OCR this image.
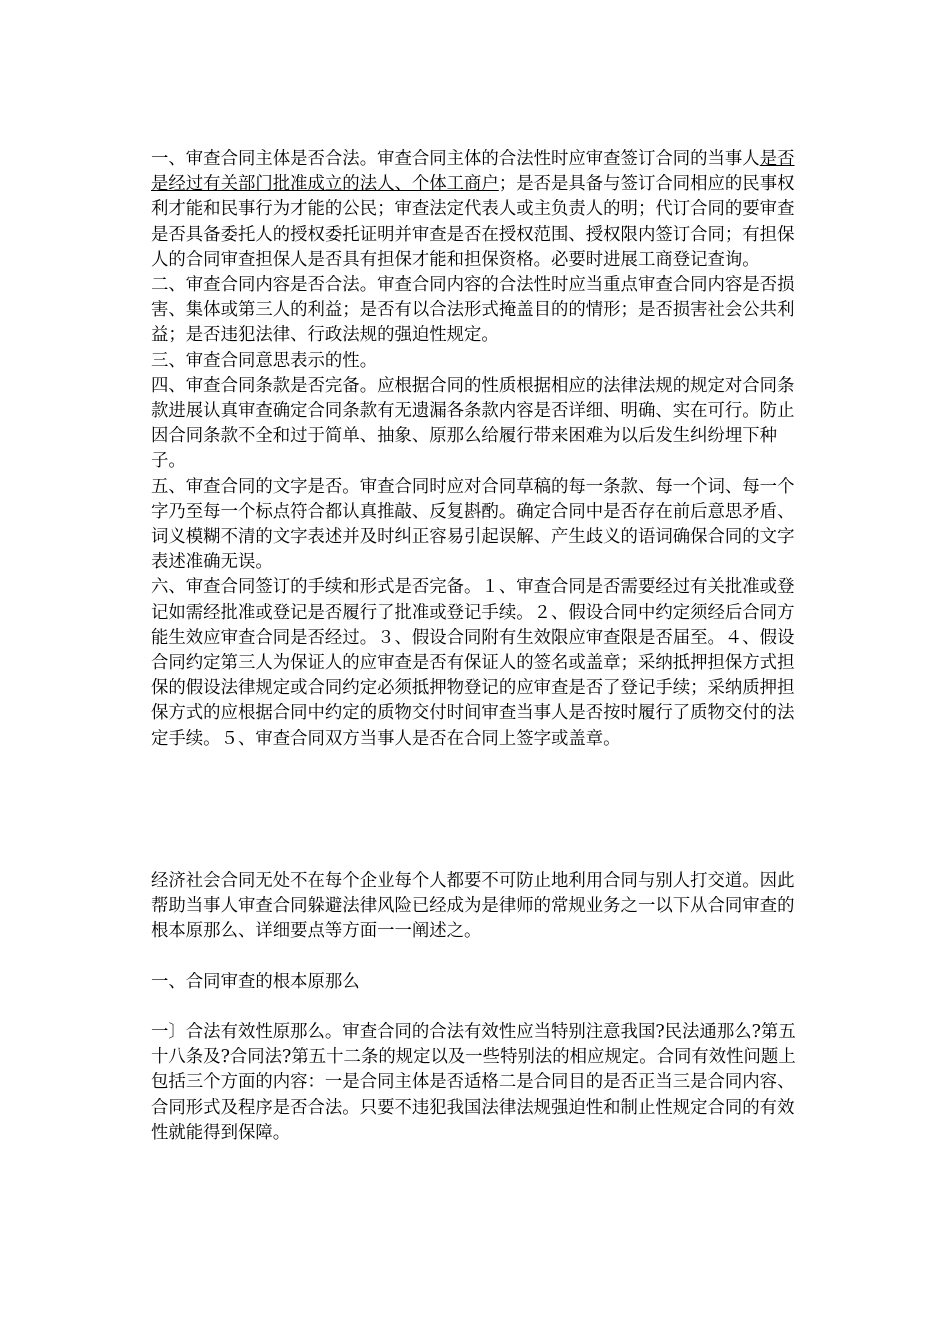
一、审查合同主体是否合法。审查合同主体的合法性时应审查签订合同的当事人是否是经过有关部门批准成立的法人、个体工商户；是否是具备与签订合同相应的民事权利才能和民事行为才能的公民；审查法定代表人或主负责人的明；代订合同的要审查是否具备委托人的授权委托证明并审查是否在授权范围、授权限内签订合同；有担保人的合同审查担保人是否具有担保才能和担保资格。必要时进展工商登记查询。

二、审查合同内容是否合法。审查合同内容的合法性时应当重点审查合同内容是否损害、集体或第三人的利益；是否有以合法形式掩盖目的的情形；是否损害社会公共利益；是否违犯法律、行政法规的强迫性规定。

三、审查合同意思表示的性。

四、审查合同条款是否完备。应根据合同的性质根据相应的法律法规的规定对合同条款进展认真审查确定合同条款有无遗漏各条款内容是否详细、明确、实在可行。防止因合同条款不全和过于简单、抽象、原那么给履行带来困难为以后发生纠纷埋下种子。

五、审查合同的文字是否。审查合同时应对合同草稿的每一条款、每一个词、每一个字乃至每一个标点符合都认真推敲、反复斟酌。确定合同中是否存在前后意思矛盾、词义模糊不清的文字表述并及时纠正容易引起误解、产生歧义的语词确保合同的文字表述准确无误。

六、审查合同签订的手续和形式是否完备。１、审查合同是否需要经过有关批准或登记如需经批准或登记是否履行了批准或登记手续。２、假设合同中约定须经后合同方能生效应审查合同是否经过。３、假设合同附有生效限应审查限是否届至。４、假设合同约定第三人为保证人的应审查是否有保证人的签名或盖章；采纳抵押担保方式担保的假设法律规定或合同约定必须抵押物登记的应审查是否了登记手续；采纳质押担保方式的应根据合同中约定的质物交付时间审查当事人是否按时履行了质物交付的法定手续。５、审查合同双方当事人是否在合同上签字或盖章。

经济社会合同无处不在每个企业每个人都要不可防止地利用合同与别人打交道。因此帮助当事人审查合同躲避法律风险已经成为是律师的常规业务之一以下从合同审查的根本原那么、详细要点等方面一一阐述之。

一、合同审查的根本原那么

一〕合法有效性原那么。审查合同的合法有效性应当特别注意我国?民法通那么?第五十八条及?合同法?第五十二条的规定以及一些特别法的相应规定。合同有效性问题上包括三个方面的内容：一是合同主体是否适格二是合同目的是否正当三是合同内容、合同形式及程序是否合法。只要不违犯我国法律法规强迫性和制止性规定合同的有效性就能得到保障。
